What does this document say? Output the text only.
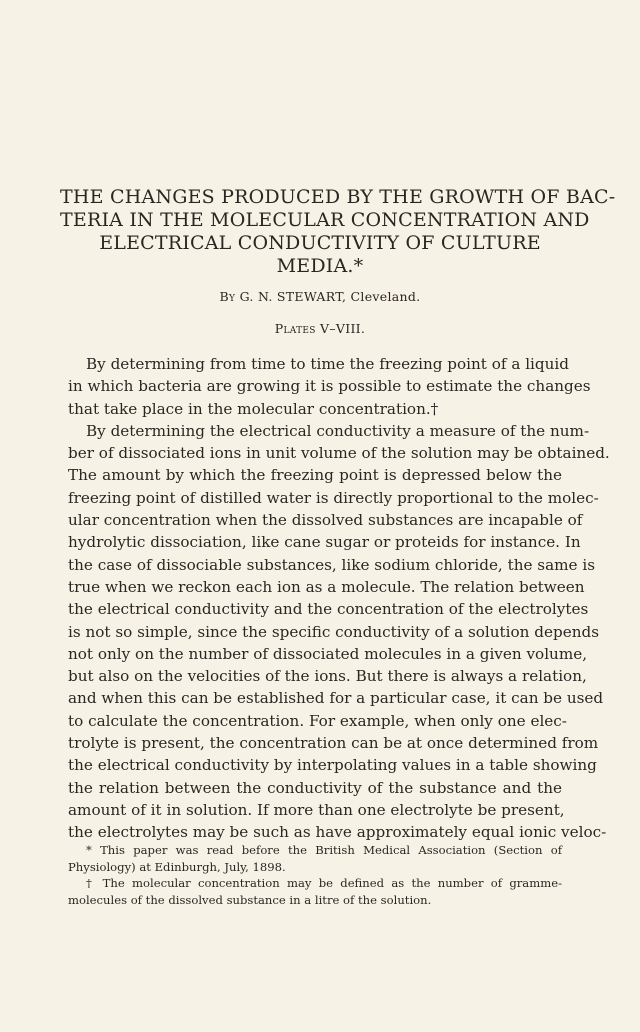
THE CHANGES PRODUCED BY THE GROWTH OF BAC-
TERIA IN THE MOLECULAR CONCENTRATION AND
ELECTRICAL CONDUCTIVITY OF CULTURE
MEDIA.*
By G. N. STEWART, Cleveland.
Plates V–VIII.
By determining from time to time the freezing point of a liquid
in which bacteria are growing it is possible to estimate the changes
that take place in the molecular concentration.†
By determining the electrical conductivity a measure of the num-
ber of dissociated ions in unit volume of the solution may be obtained.
The amount by which the freezing point is depressed below the
freezing point of distilled water is directly proportional to the molec-
ular concentration when the dissolved substances are incapable of
hydrolytic dissociation, like cane sugar or proteids for instance. In
the case of dissociable substances, like sodium chloride, the same is
true when we reckon each ion as a molecule. The relation between
the electrical conductivity and the concentration of the electrolytes
is not so simple, since the specific conductivity of a solution depends
not only on the number of dissociated molecules in a given volume,
but also on the velocities of the ions. But there is always a relation,
and when this can be established for a particular case, it can be used
to calculate the concentration. For example, when only one elec-
trolyte is present, the concentration can be at once determined from
the electrical conductivity by interpolating values in a table showing
the relation between the conductivity of the substance and the
amount of it in solution. If more than one electrolyte be present,
the electrolytes may be such as have approximately equal ionic veloc-
* This paper was read before the British Medical Association (Section of
Physiology) at Edinburgh, July, 1898.
† The molecular concentration may be defined as the number of gramme-
molecules of the dissolved substance in a litre of the solution.
